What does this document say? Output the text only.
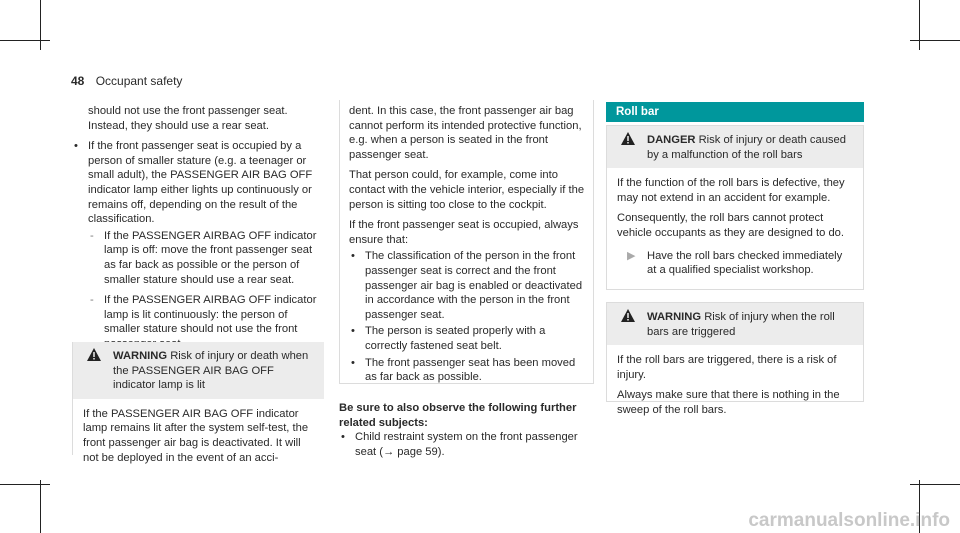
48 Occupant safety

should not use the front passenger seat. Instead, they should use a rear seat.

• If the front passenger seat is occupied by a person of smaller stature (e.g. a teenager or small adult), the PASSENGER AIR BAG OFF indicator lamp either lights up continuously or remains off, depending on the result of the classification.
- If the PASSENGER AIRBAG OFF indicator lamp is off: move the front passenger seat as far back as possible or the person of smaller stature should use a rear seat.
- If the PASSENGER AIRBAG OFF indicator lamp is lit continuously: the person of smaller stature should not use the front
WARNING Risk of injury or death when the PASSENGER AIR BAG OFF indicator lamp is lit
If the PASSENGER AIR BAG OFF indicator lamp remains lit after the system self-test, the front passenger air bag is deactivated. It will not be deployed in the event of an acci-

dent. In this case, the front passenger air bag cannot perform its intended protective function, e.g. when a person is seated in the front passenger seat.

That person could, for example, come into contact with the vehicle interior, especially if the person is sitting too close to the cockpit.

If the front passenger seat is occupied, always ensure that:

• The classification of the person in the front passenger seat is correct and the front passenger air bag is enabled or deactivated in accordance with the person in the front passenger seat.
• The person is seated properly with a correctly fastened seat belt.
• The front passenger seat has been moved as far back as possible.

Be sure to also observe the following further related subjects:

• Child restraint system on the front passenger seat (→ page 59).
Roll bar
DANGER Risk of injury or death caused by a malfunction of the roll bars

If the function of the roll bars is defective, they may not extend in an accident for example.

Consequently, the roll bars cannot protect vehicle occupants as they are designed to do.

▶ Have the roll bars checked immediately at a qualified specialist workshop.
WARNING Risk of injury when the roll bars are triggered

If the roll bars are triggered, there is a risk of injury.

Always make sure that there is nothing in the sweep of the roll bars.

carmanualsonline.info
